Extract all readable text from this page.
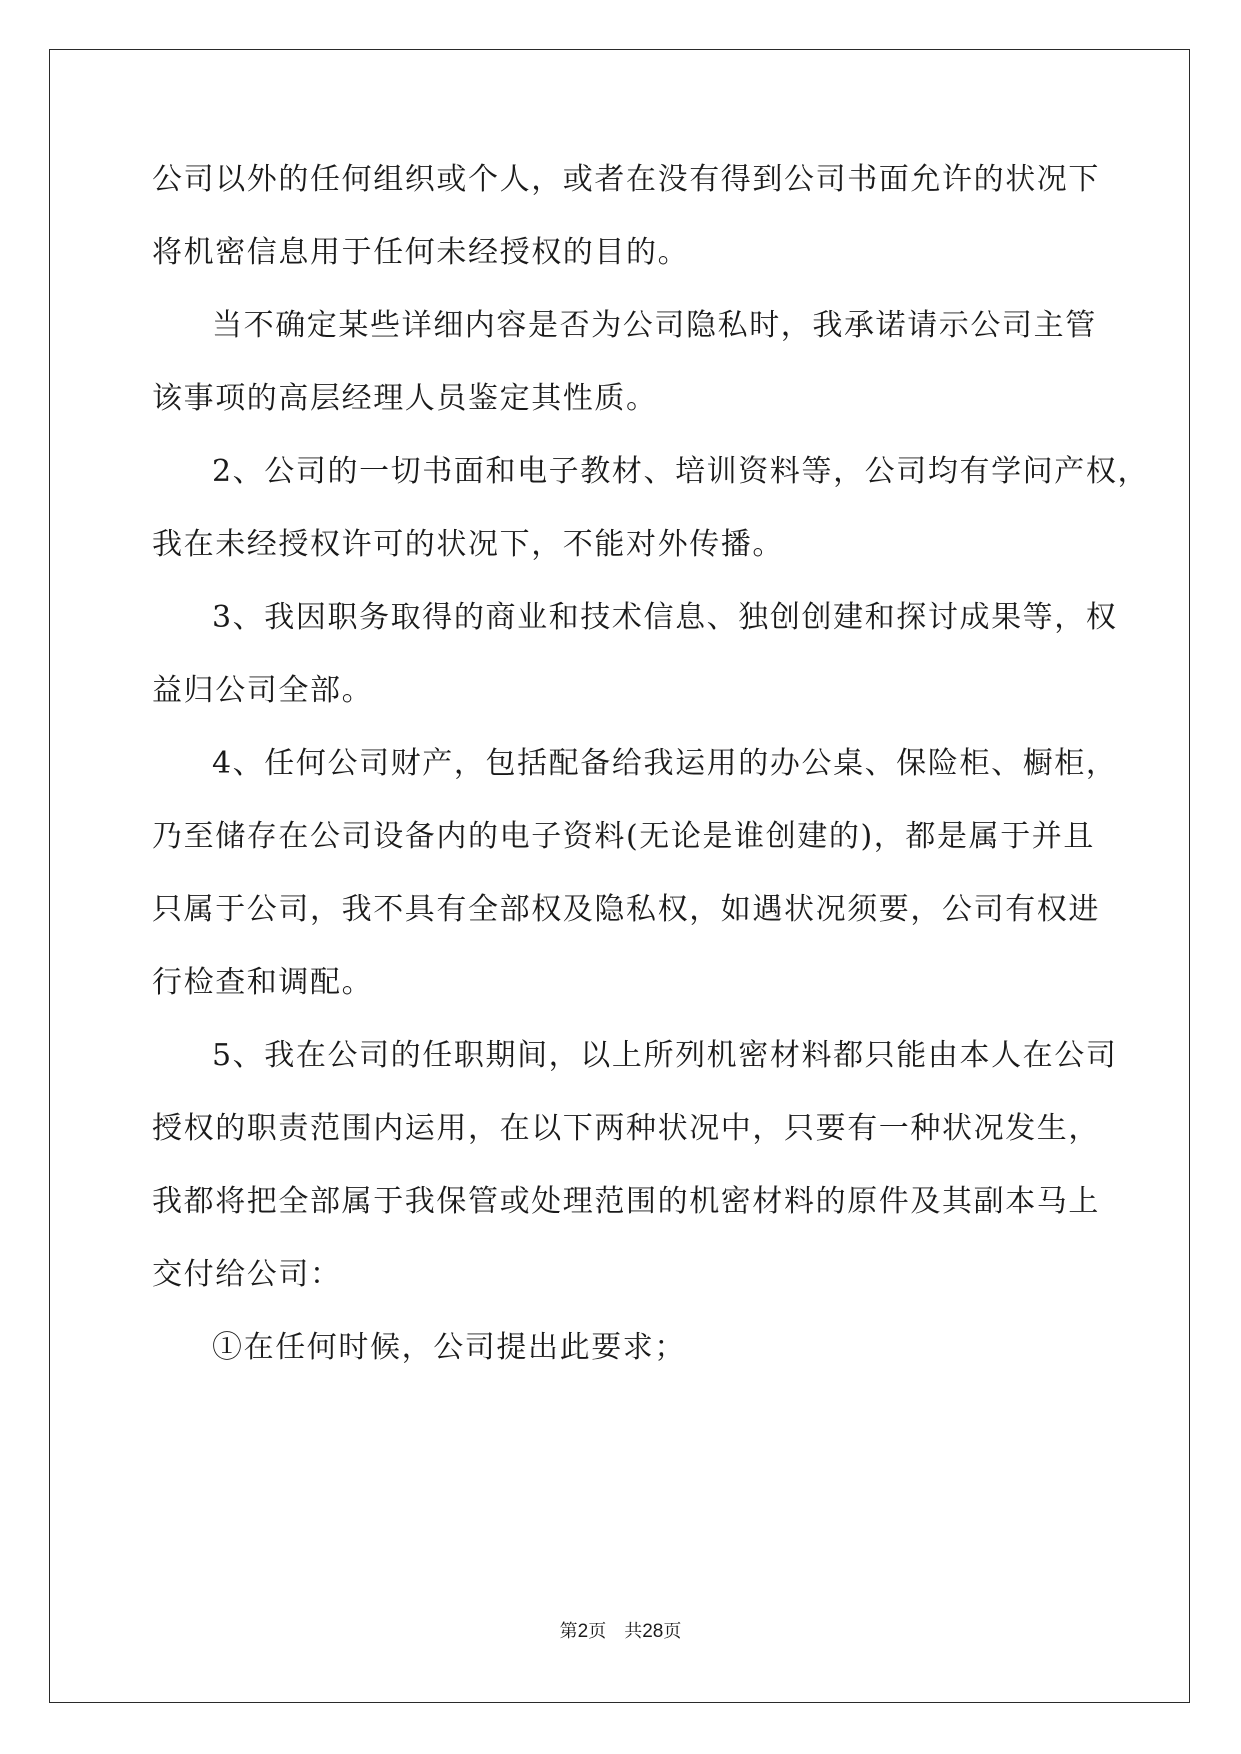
公司以外的任何组织或个人，或者在没有得到公司书面允许的状况下
将机密信息用于任何未经授权的目的。
当不确定某些详细内容是否为公司隐私时，我承诺请示公司主管
该事项的高层经理人员鉴定其性质。
2、公司的一切书面和电子教材、培训资料等，公司均有学问产权，
我在未经授权许可的状况下，不能对外传播。
3、我因职务取得的商业和技术信息、独创创建和探讨成果等，权
益归公司全部。
4、任何公司财产，包括配备给我运用的办公桌、保险柜、橱柜，
乃至储存在公司设备内的电子资料(无论是谁创建的)，都是属于并且
只属于公司，我不具有全部权及隐私权，如遇状况须要，公司有权进
行检查和调配。
5、我在公司的任职期间，以上所列机密材料都只能由本人在公司
授权的职责范围内运用，在以下两种状况中，只要有一种状况发生，
我都将把全部属于我保管或处理范围的机密材料的原件及其副本马上
交付给公司：
①在任何时候，公司提出此要求；
第2页　共28页
